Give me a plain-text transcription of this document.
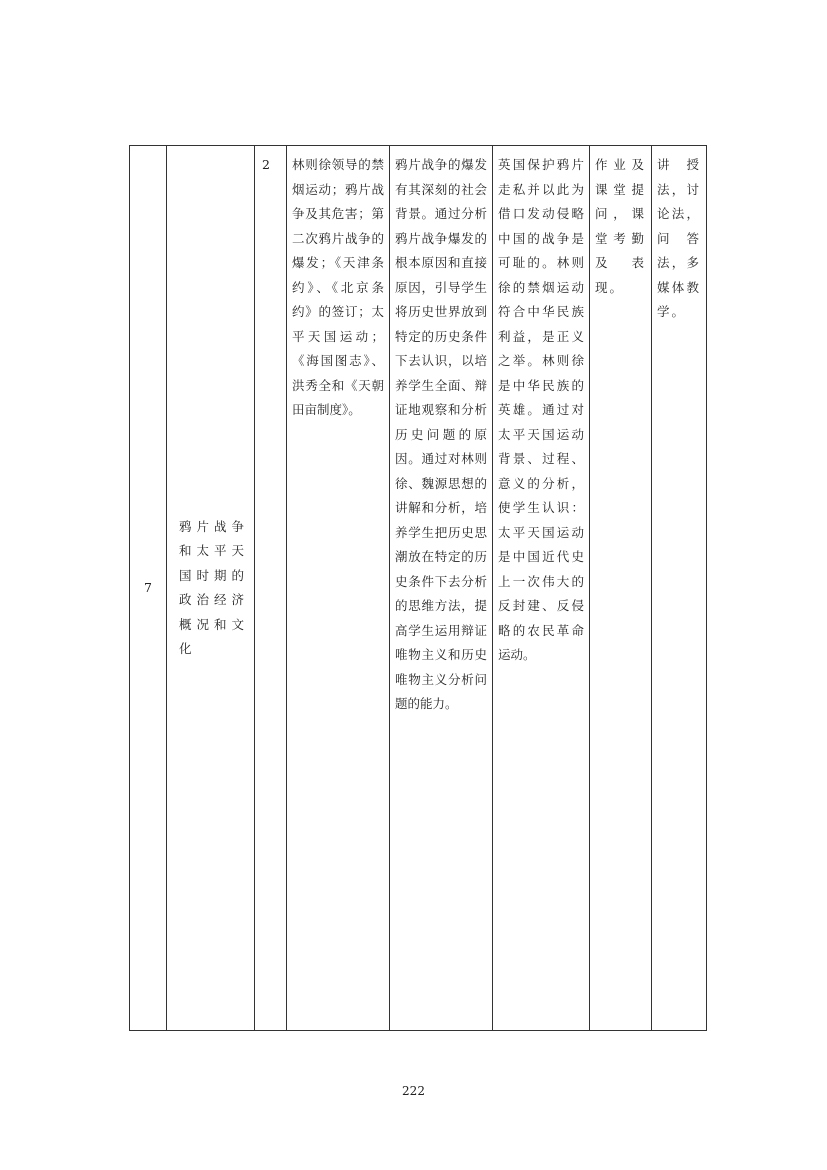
7	鸦片战争和太平天国时期的政治经济概况和文化	2	林则徐领导的禁烟运动；鸦片战争及其危害；第二次鸦片战争的爆发；《天津条约》、《北京条约》的签订；太平天国运动；《海国图志》、洪秀全和《天朝田亩制度》。	鸦片战争的爆发有其深刻的社会背景。通过分析鸦片战争爆发的根本原因和直接原因，引导学生将历史世界放到特定的历史条件下去认识，以培养学生全面、辩证地观察和分析历史问题的原因。通过对林则徐、魏源思想的讲解和分析，培养学生把历史思潮放在特定的历史条件下去分析的思维方法，提高学生运用辩证唯物主义和历史唯物主义分析问题的能力。	英国保护鸦片走私并以此为借口发动侵略中国的战争是可耻的。林则徐的禁烟运动符合中华民族利益，是正义之举。林则徐是中华民族的英雄。通过对太平天国运动背景、过程、意义的分析，使学生认识：太平天国运动是中国近代史上一次伟大的反封建、反侵略的农民革命运动。	作业及课堂提问，课堂考勤及表现。	讲授法，讨论法，问答法，多媒体教学。
222
